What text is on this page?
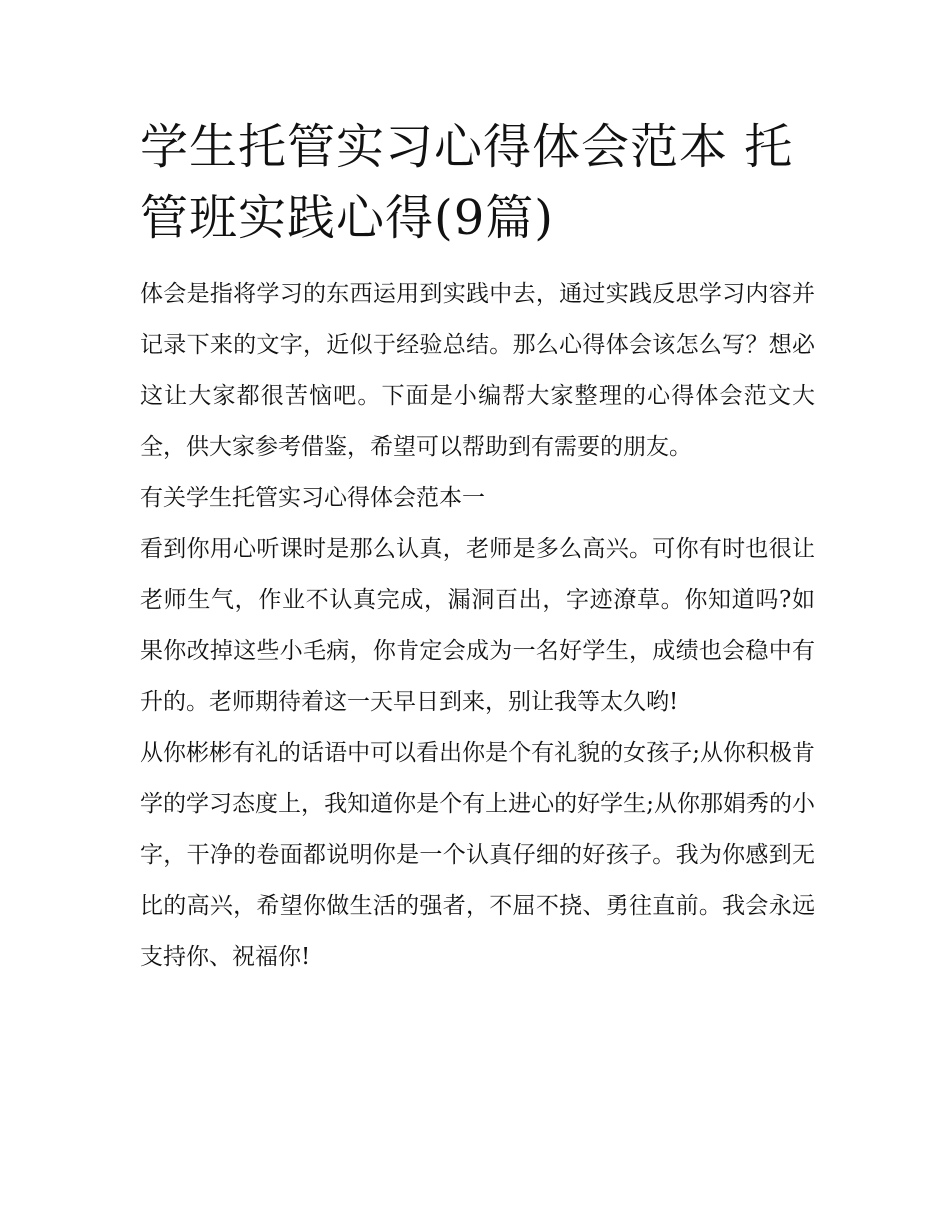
学生托管实习心得体会范本 托管班实践心得(9篇)

体会是指将学习的东西运用到实践中去，通过实践反思学习内容并记录下来的文字，近似于经验总结。那么心得体会该怎么写？想必这让大家都很苦恼吧。下面是小编帮大家整理的心得体会范文大全，供大家参考借鉴，希望可以帮助到有需要的朋友。

有关学生托管实习心得体会范本一

看到你用心听课时是那么认真，老师是多么高兴。可你有时也很让老师生气，作业不认真完成，漏洞百出，字迹潦草。你知道吗?如果你改掉这些小毛病，你肯定会成为一名好学生，成绩也会稳中有升的。老师期待着这一天早日到来，别让我等太久哟!

从你彬彬有礼的话语中可以看出你是个有礼貌的女孩子;从你积极肯学的学习态度上，我知道你是个有上进心的好学生;从你那娟秀的小字，干净的卷面都说明你是一个认真仔细的好孩子。我为你感到无比的高兴，希望你做生活的强者，不屈不挠、勇往直前。我会永远支持你、祝福你!
